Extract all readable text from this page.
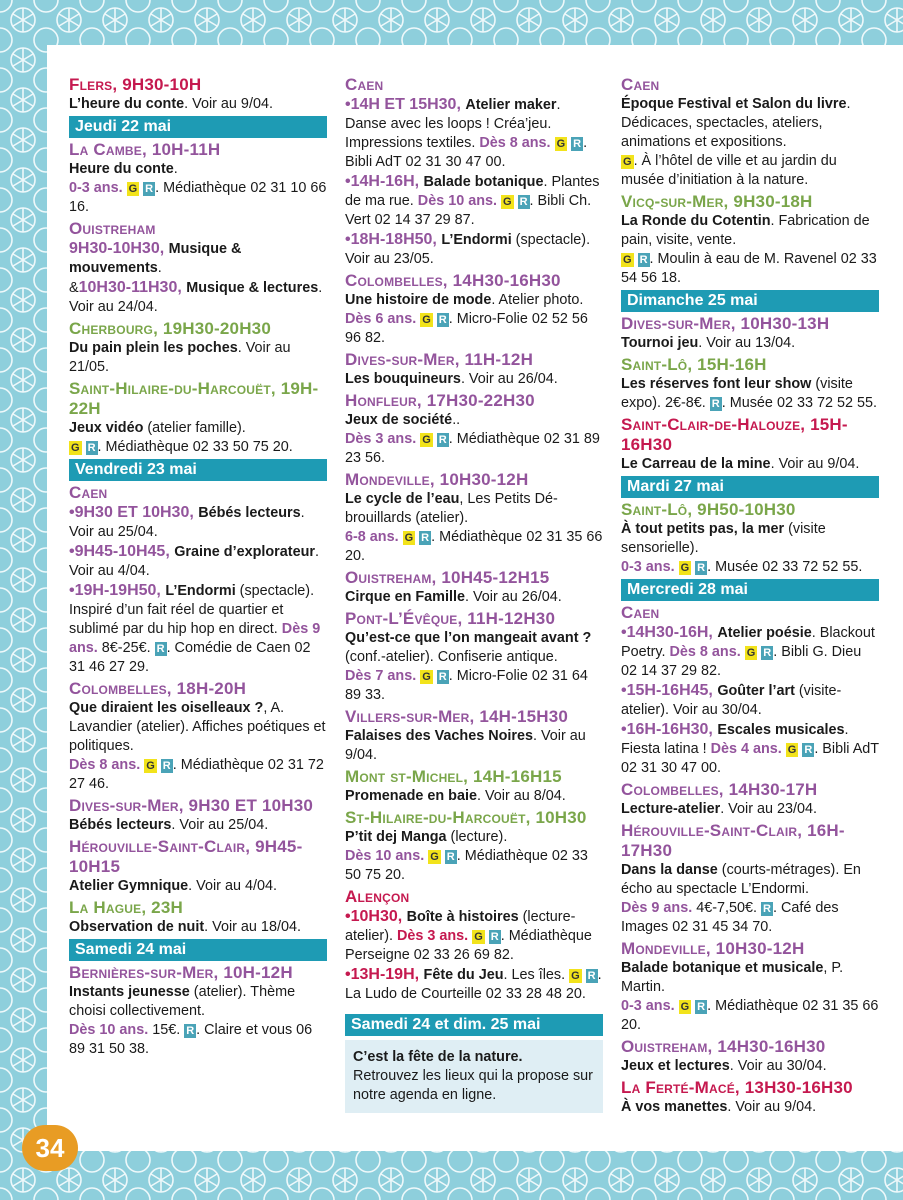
Flers, 9H30-10H
L’heure du conte. Voir au 9/04.
Jeudi 22 mai
La Cambe, 10H-11H
Heure du conte.
0-3 ans. G R . Médiathèque 02 31 10 66 16.
Ouistreham
9H30-10H30, Musique & mouvements.
&10H30-11H30, Musique & lectures.
Voir au 24/04.
Cherbourg, 19H30-20H30
Du pain plein les poches. Voir au 21/05.
Saint-Hilaire-du-Harcouët, 19H-22H
Jeux vidéo (atelier famille).
G R . Médiathèque 02 33 50 75 20.
Vendredi 23 mai
Caen
•9H30 ET 10H30, Bébés lecteurs. Voir au 25/04.
•9H45-10H45, Graine d’explorateur. Voir au 4/04.
•19H-19H50, L’Endormi (spectacle). Inspiré d’un fait réel de quartier et sublimé par du hip hop en direct. Dès 9 ans. 8€-25€. R . Comédie de Caen 02 31 46 27 29.
Colombelles, 18H-20H
Que diraient les oiselleaux ?, A. Lavandier (atelier). Affiches poétiques et politiques.
Dès 8 ans. G R . Médiathèque 02 31 72 27 46.
Dives-sur-Mer, 9H30 ET 10H30
Bébés lecteurs. Voir au 25/04.
Hérouville-Saint-Clair, 9H45-10H15
Atelier Gymnique. Voir au 4/04.
La Hague, 23H
Observation de nuit. Voir au 18/04.
Samedi 24 mai
Bernières-sur-Mer, 10H-12H
Instants jeunesse (atelier). Thème choisi collectivement.
Dès 10 ans. 15€. R . Claire et vous 06 89 31 50 38.
Caen
•14H ET 15H30, Atelier maker. Danse avec les loops ! Créa’jeu. Impressions textiles. Dès 8 ans. G R . Bibli AdT 02 31 30 47 00.
•14H-16H, Balade botanique. Plantes de ma rue. Dès 10 ans. G R . Bibli Ch. Vert 02 14 37 29 87.
•18H-18H50, L’Endormi (spectacle). Voir au 23/05.
Colombelles, 14H30-16H30
Une histoire de mode. Atelier photo. Dès 6 ans. G R . Micro-Folie 02 52 56 96 82.
Dives-sur-Mer, 11H-12H
Les bouquineurs. Voir au 26/04.
Honfleur, 17H30-22H30
Jeux de société..
Dès 3 ans. G R . Médiathèque 02 31 89 23 56.
Mondeville, 10H30-12H
Le cycle de l’eau, Les Petits Dé-brouillards (atelier).
6-8 ans. G R . Médiathèque 02 31 35 66 20.
Ouistreham, 10H45-12H15
Cirque en Famille. Voir au 26/04.
Pont-L’Évêque, 11H-12H30
Qu’est-ce que l’on mangeait avant ? (conf.-atelier). Confiserie antique.
Dès 7 ans. G R . Micro-Folie 02 31 64 89 33.
Villers-sur-Mer, 14H-15H30
Falaises des Vaches Noires. Voir au 9/04.
Mont st-Michel, 14H-16H15
Promenade en baie. Voir au 8/04.
St-Hilaire-du-Harcouët, 10H30
P’tit dej Manga (lecture).
Dès 10 ans. G R . Médiathèque 02 33 50 75 20.
Alençon
•10H30, Boîte à histoires (lecture-atelier). Dès 3 ans. G R . Médiathèque Perseigne 02 33 26 69 82.
•13H-19H, Fête du Jeu. Les îles. G R . La Ludo de Courteille 02 33 28 48 20.
Samedi 24 et dim. 25 mai
C’est la fête de la nature.
Retrouvez les lieux qui la propose sur notre agenda en ligne.
Caen
Époque Festival et Salon du livre. Dédicaces, spectacles, ateliers, animations et expositions.
G . À l’hôtel de ville et au jardin du musée d’initiation à la nature.
Vicq-sur-Mer, 9H30-18H
La Ronde du Cotentin. Fabrication de pain, visite, vente.
G R . Moulin à eau de M. Ravenel 02 33 54 56 18.
Dimanche 25 mai
Dives-sur-Mer, 10H30-13H
Tournoi jeu. Voir au 13/04.
Saint-Lô, 15H-16H
Les réserves font leur show (visite expo). 2€-8€. R . Musée 02 33 72 52 55.
Saint-Clair-de-Halouze, 15H-16H30
Le Carreau de la mine. Voir au 9/04.
Mardi 27 mai
Saint-Lô, 9H50-10H30
À tout petits pas, la mer (visite sensorielle).
0-3 ans. G R . Musée 02 33 72 52 55.
Mercredi 28 mai
Caen
•14H30-16H, Atelier poésie. Blackout Poetry. Dès 8 ans. G R . Bibli G. Dieu 02 14 37 29 82.
•15H-16H45, Goûter l’art (visite-atelier). Voir au 30/04.
•16H-16H30, Escales musicales. Fiesta latina ! Dès 4 ans. G R . Bibli AdT 02 31 30 47 00.
Colombelles, 14H30-17H
Lecture-atelier. Voir au 23/04.
Hérouville-Saint-Clair, 16H-17H30
Dans la danse (courts-métrages). En écho au spectacle L’Endormi.
Dès 9 ans. 4€-7,50€. R . Café des Images 02 31 45 34 70.
Mondeville, 10H30-12H
Balade botanique et musicale, P. Martin.
0-3 ans. G R . Médiathèque 02 31 35 66 20.
Ouistreham, 14H30-16H30
Jeux et lectures. Voir au 30/04.
La Ferté-Macé, 13H30-16H30
À vos manettes. Voir au 9/04.
34
